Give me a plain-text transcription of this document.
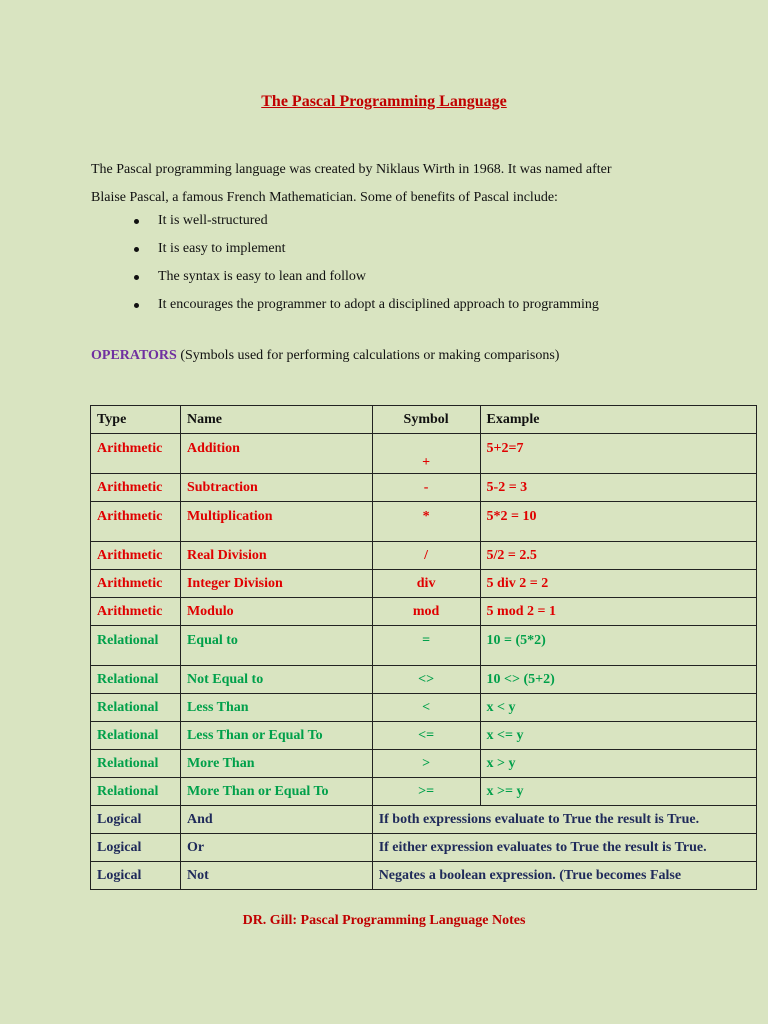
The Pascal Programming Language

The Pascal programming language was created by Niklaus Wirth in 1968. It was named after

Blaise Pascal, a famous French Mathematician. Some of benefits of Pascal include:

It is well-structured
It is easy to implement
The syntax is easy to lean and follow
It encourages the programmer to adopt a disciplined approach to programming
OPERATORS (Symbols used for performing calculations or making comparisons)
Type	Name	Symbol	Example
Arithmetic	Addition	+	5+2=7
Arithmetic	Subtraction	-	5-2 = 3
Arithmetic	Multiplication	*	5*2 = 10
Arithmetic	Real Division	/	5/2 = 2.5
Arithmetic	Integer Division	div	5 div 2 = 2
Arithmetic	Modulo	mod	5 mod 2 = 1
Relational	Equal to	=	10 = (5*2)
Relational	Not Equal to	<>	10 <> (5+2)
Relational	Less Than	<	x < y
Relational	Less Than or Equal To	<=	x <= y
Relational	More Than	>	x > y
Relational	More Than or Equal To	>=	x >= y
Logical	And	If both expressions evaluate to True the result is True.	
Logical	Or	If either expression evaluates to True the result is True.	
Logical	Not	Negates a boolean expression. (True becomes False	
DR. Gill: Pascal Programming Language Notes
